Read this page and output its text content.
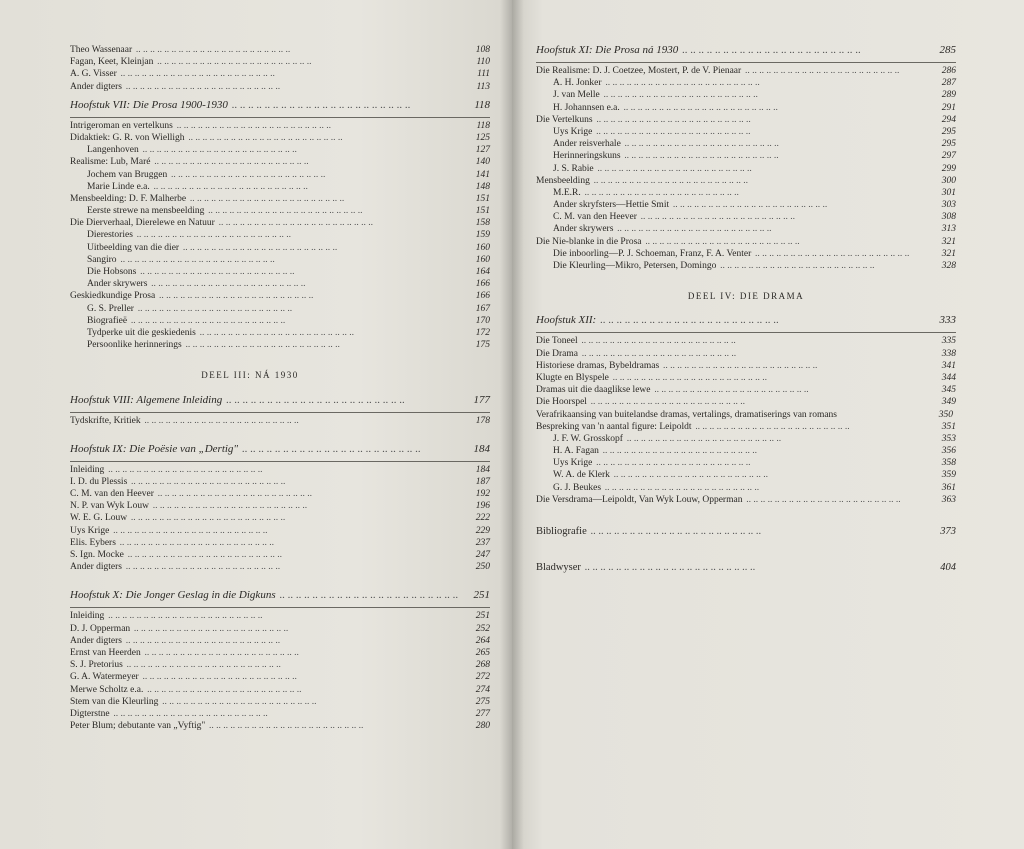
Theo Wassenaar ..	108
Fagan, Keet, Kleinjan ..	110
A. G. Visser ..	111
Ander digters ..	113
Hoofstuk VII: Die Prosa 1900-1930 ..	118
Intrigeroman en vertelkuns ..	118
Didaktiek: G. R. von Wielligh ..	125
Langenhoven ..	127
Realisme: Lub, Maré ..	140
Jochem van Bruggen ..	141
Marie Linde e.a. ..	148
Mensbeelding: D. F. Malherbe ..	151
Eerste strewe na mensbeelding ..	151
Die Dierverhaal, Dierelewe en Natuur ..	158
Dierestories ..	159
Uitbeelding van die dier ..	160
Sangiro ..	160
Die Hobsons ..	164
Ander skrywers ..	166
Geskiedkundige Prosa ..	166
G. S. Preller ..	167
Biografieë ..	170
Tydperke uit die geskiedenis ..	172
Persoonlike herinnerings ..	175
DEEL III: NÁ 1930
Hoofstuk VIII: Algemene Inleiding ..	177
Tydskrifte, Kritiek ..	178
Hoofstuk IX: Die Poësie van „Dertig" ..	184
Inleiding ..	184
I. D. du Plessis ..	187
C. M. van den Heever ..	192
N. P. van Wyk Louw ..	196
W. E. G. Louw ..	222
Uys Krige ..	229
Elis. Eybers ..	237
S. Ign. Mocke ..	247
Ander digters ..	250
Hoofstuk X: Die Jonger Geslag in die Digkuns ..	251
Inleiding ..	251
D. J. Opperman ..	252
Ander digters ..	264
Ernst van Heerden ..	265
S. J. Pretorius ..	268
G. A. Watermeyer ..	272
Merwe Scholtz e.a. ..	274
Stem van die Kleurling ..	275
Digterstne ..	277
Peter Blum; debutante van „Vyftig" ..	280
Hoofstuk XI: Die Prosa ná 1930 ..	285
Die Realisme: D. J. Coetzee, Mostert, P. de V. Pienaar ..	286
A. H. Jonker ..	287
J. van Melle ..	289
H. Johannsen e.a. ..	291
Die Vertelkuns ..	294
Uys Krige ..	295
Ander reisverhale ..	295
Herinneringskuns ..	297
J. S. Rabie ..	299
Mensbeelding ..	300
M.E.R. ..	301
Ander skryfsters—Hettie Smit ..	303
C. M. van den Heever ..	308
Ander skrywers ..	313
Die Nie-blanke in die Prosa ..	321
Die inboorling—P. J. Schoeman, Franz, F. A. Venter ..	321
Die Kleurling—Mikro, Petersen, Domingo ..	328
DEEL IV: DIE DRAMA
Hoofstuk XII: ..	333
Die Toneel ..	335
Die Drama ..	338
Historiese dramas, Bybeldramas ..	341
Klugte en Blyspele ..	344
Dramas uit die daaglikse lewe ..	345
Die Hoorspel ..	349
Verafrikaansing van buitelandse dramas, vertalings, dramatiserings van romans	350
Bespreking van 'n aantal figure: Leipoldt ..	351
J. F. W. Grosskopf ..	353
H. A. Fagan ..	356
Uys Krige ..	358
W. A. de Klerk ..	359
G. J. Beukes ..	361
Die Versdrama—Leipoldt, Van Wyk Louw, Opperman ..	363
Bibliografie ..	373
Bladwyser ..	404
